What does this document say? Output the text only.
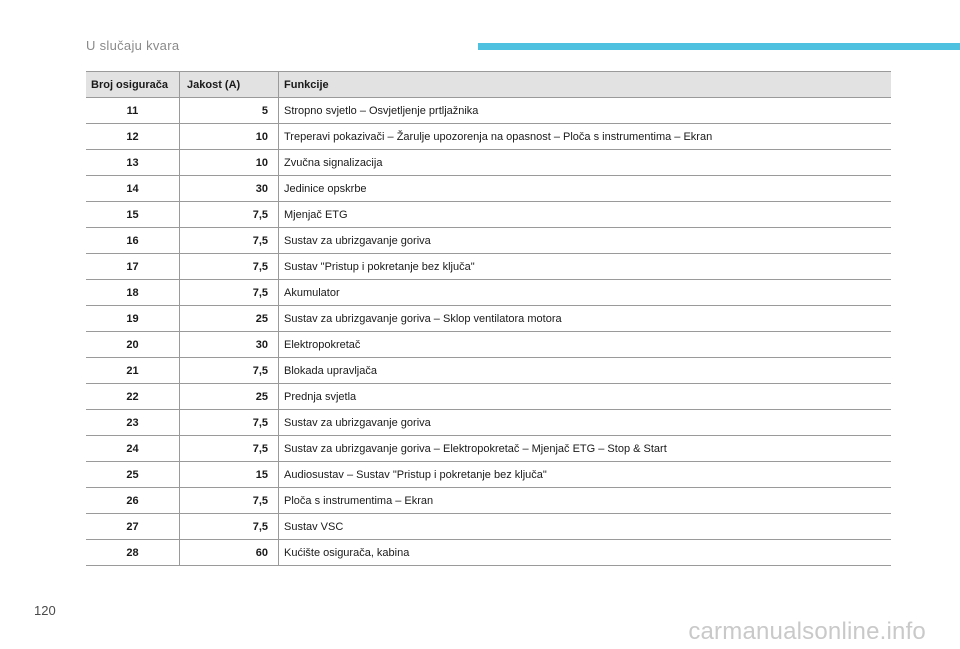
U slučaju kvara
Broj osigurača	Jakost (A)	Funkcije
11	5	Stropno svjetlo – Osvjetljenje prtljažnika
12	10	Treperavi pokazivači – Žarulje upozorenja na opasnost – Ploča s instrumentima – Ekran
13	10	Zvučna signalizacija
14	30	Jedinice opskrbe
15	7,5	Mjenjač ETG
16	7,5	Sustav za ubrizgavanje goriva
17	7,5	Sustav "Pristup i pokretanje bez ključa"
18	7,5	Akumulator
19	25	Sustav za ubrizgavanje goriva – Sklop ventilatora motora
20	30	Elektropokretač
21	7,5	Blokada upravljača
22	25	Prednja svjetla
23	7,5	Sustav za ubrizgavanje goriva
24	7,5	Sustav za ubrizgavanje goriva – Elektropokretač – Mjenjač ETG – Stop & Start
25	15	Audiosustav – Sustav "Pristup i pokretanje bez ključa"
26	7,5	Ploča s instrumentima – Ekran
27	7,5	Sustav VSC
28	60	Kućište osigurača, kabina
120
carmanualsonline.info
